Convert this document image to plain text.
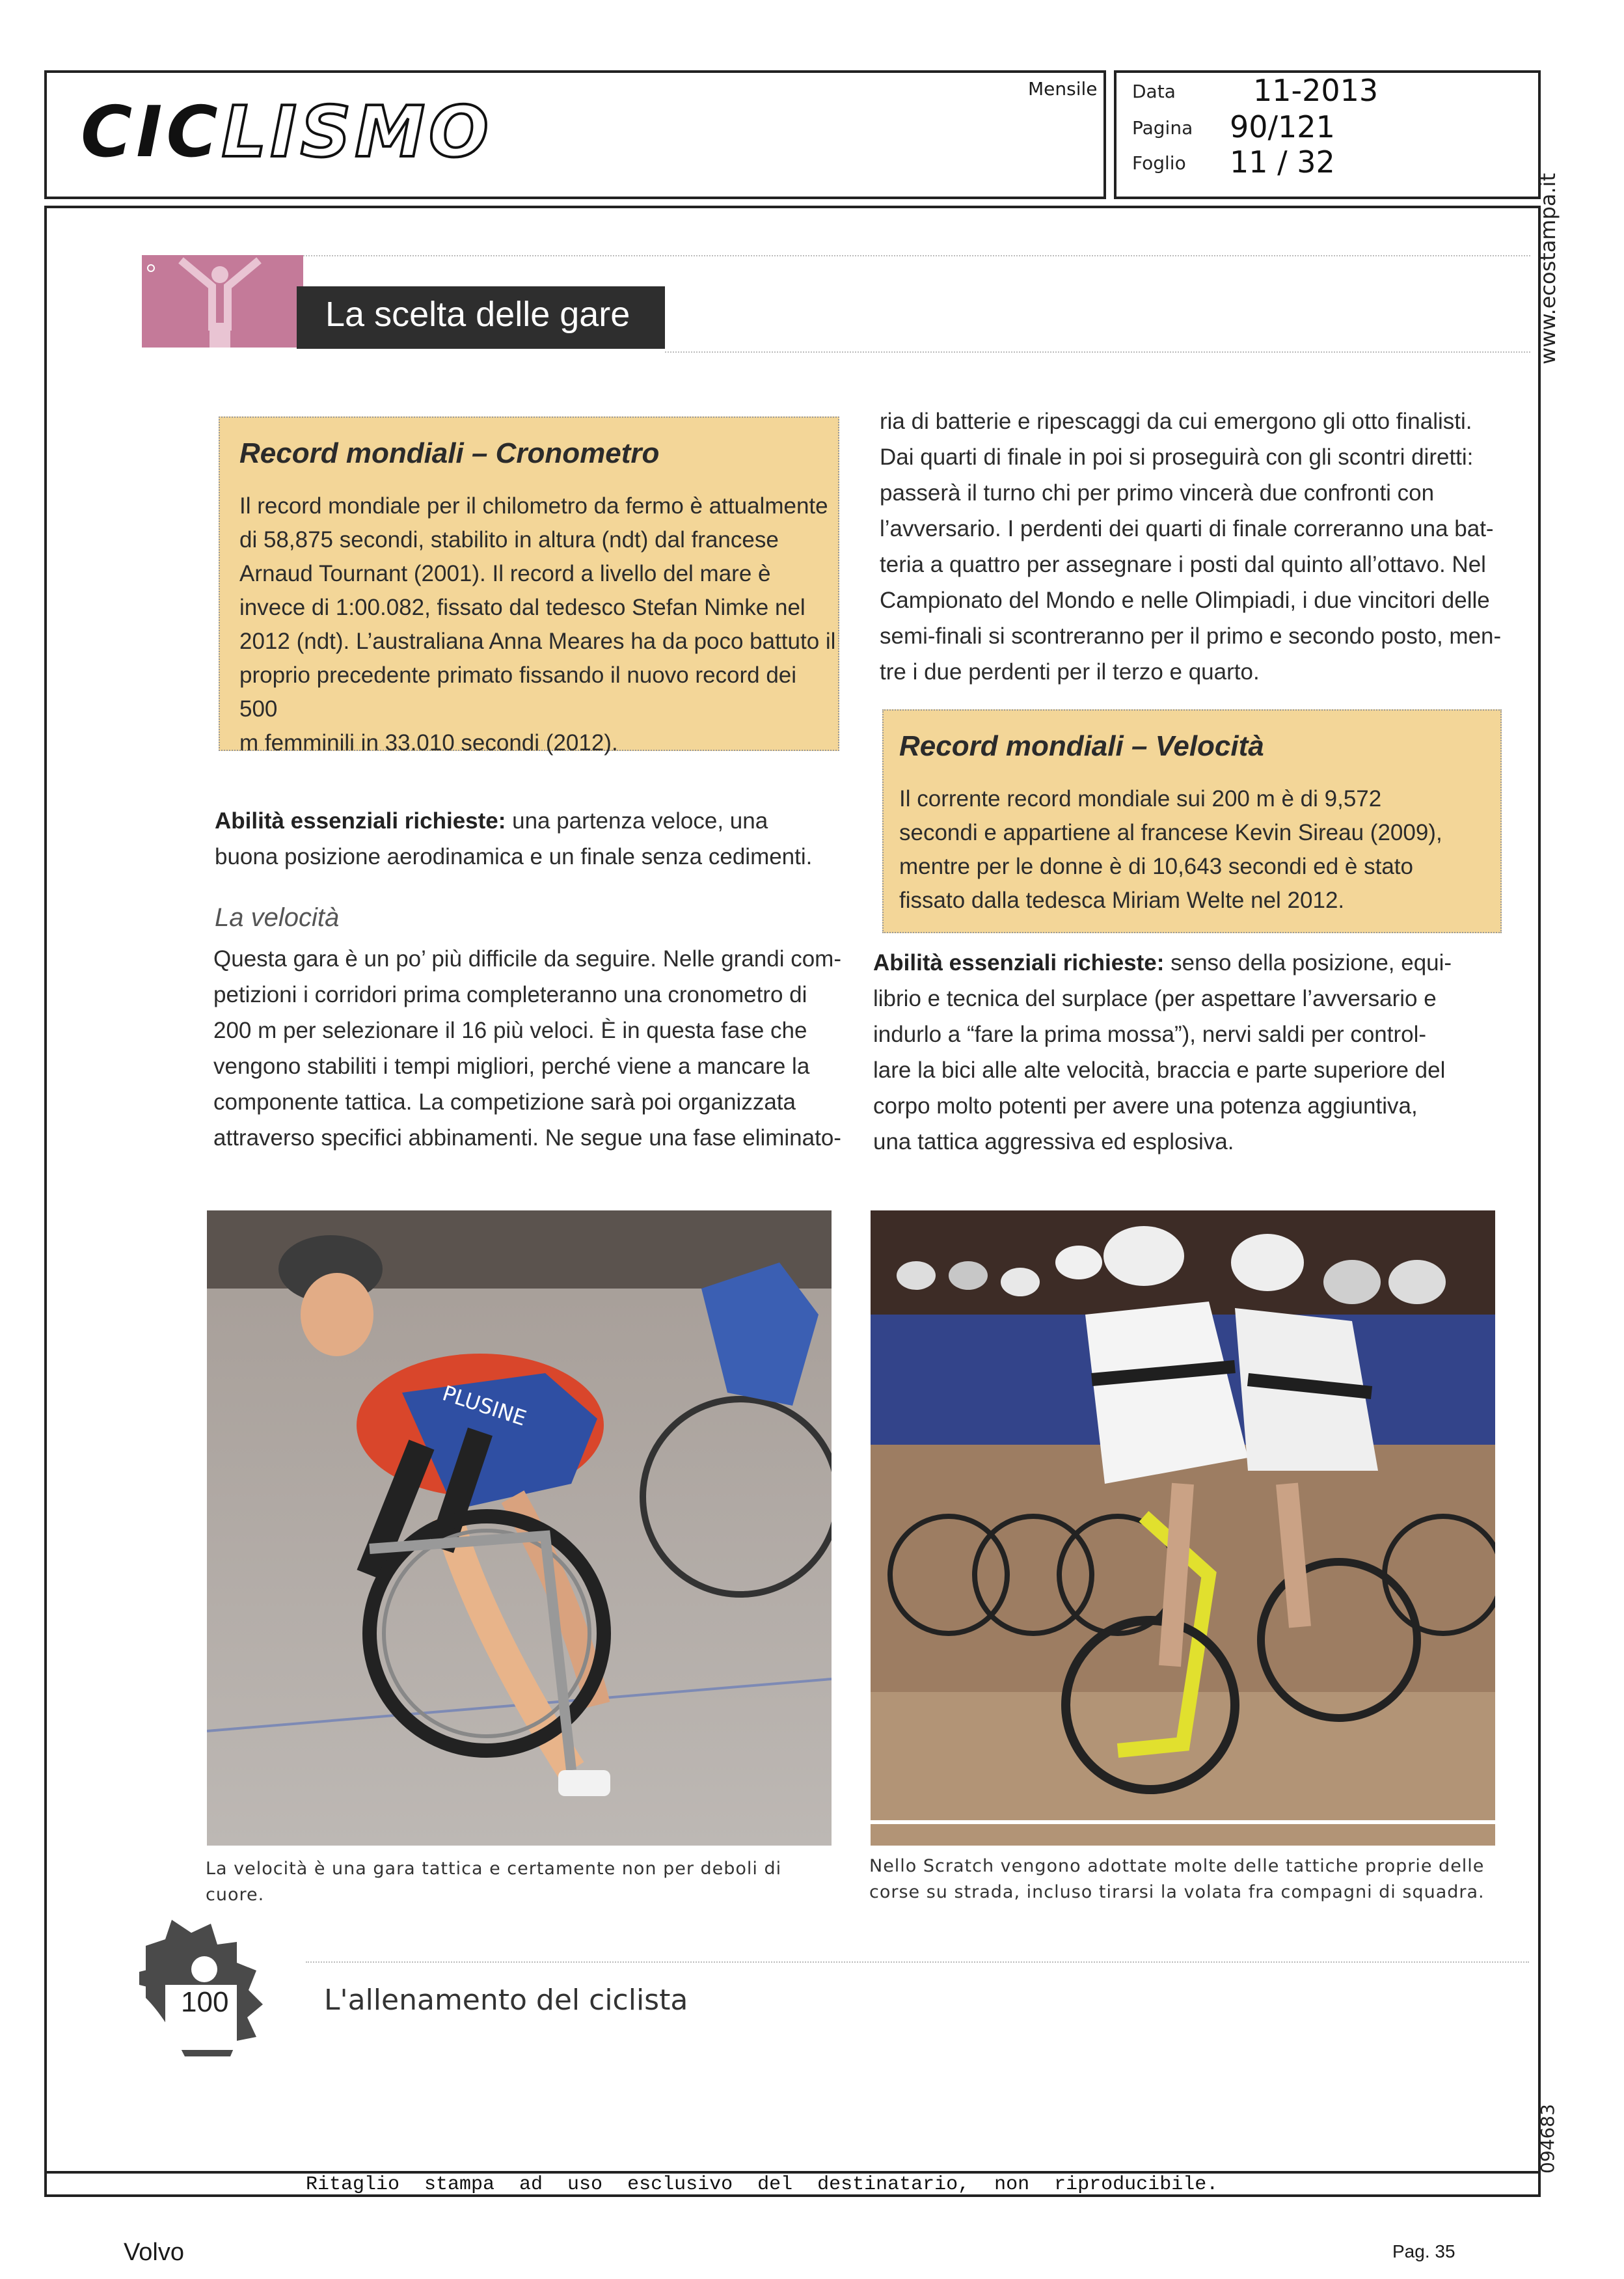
CICLISMO
Mensile Data	11-2013
Pagina 90/121
Foglio 11 / 32
www.ecostampa.it
094683
La scelta delle gare
Record mondiali – Cronometro

Il record mondiale per il chilometro da fermo è attualmente

di 58,875 secondi, stabilito in altura (ndt) dal francese

Arnaud Tournant (2001). Il record a livello del mare è

invece di 1:00.082, fissato dal tedesco Stefan Nimke nel

2012 (ndt). L’australiana Anna Meares ha da poco battuto il

proprio precedente primato fissando il nuovo record dei 500

m femminili in 33.010 secondi (2012).

Abilità essenziali richieste: una partenza veloce, una

buona posizione aerodinamica e un finale senza cedimenti.

La velocità

Questa gara è un po’ più difficile da seguire. Nelle grandi com-

petizioni i corridori prima completeranno una cronometro di

200 m per selezionare il 16 più veloci. È in questa fase che

vengono stabiliti i tempi migliori, perché viene a mancare la

componente tattica. La competizione sarà poi organizzata

attraverso specifici abbinamenti. Ne segue una fase eliminato-

ria di batterie e ripescaggi da cui emergono gli otto finalisti.

Dai quarti di finale in poi si proseguirà con gli scontri diretti:

passerà il turno chi per primo vincerà due confronti con

l’avversario. I perdenti dei quarti di finale correranno una bat-

teria a quattro per assegnare i posti dal quinto all’ottavo. Nel

Campionato del Mondo e nelle Olimpiadi, i due vincitori delle

semi-finali si scontreranno per il primo e secondo posto, men-

tre i due perdenti per il terzo e quarto.

Record mondiali – Velocità

Il corrente record mondiale sui 200 m è di 9,572

secondi e appartiene al francese Kevin Sireau (2009),

mentre per le donne è di 10,643 secondi ed è stato

fissato dalla tedesca Miriam Welte nel 2012.

Abilità essenziali richieste: senso della posizione, equi-

librio e tecnica del surplace (per aspettare l’avversario e

indurlo a “fare la prima mossa”), nervi saldi per control-

lare la bici alle alte velocità, braccia e parte superiore del

corpo molto potenti per avere una potenza aggiuntiva,

una tattica aggressiva ed esplosiva.

PLUSINE
La velocità è una gara tattica e certamente non per deboli di
cuore.
Nello Scratch vengono adottate molte delle tattiche proprie delle
corse su strada, incluso tirarsi la volata fra compagni di squadra.
100	L'allenamento del ciclista
Ritaglio stampa ad uso esclusivo del destinatario, non riproducibile.
Volvo	Pag. 35
